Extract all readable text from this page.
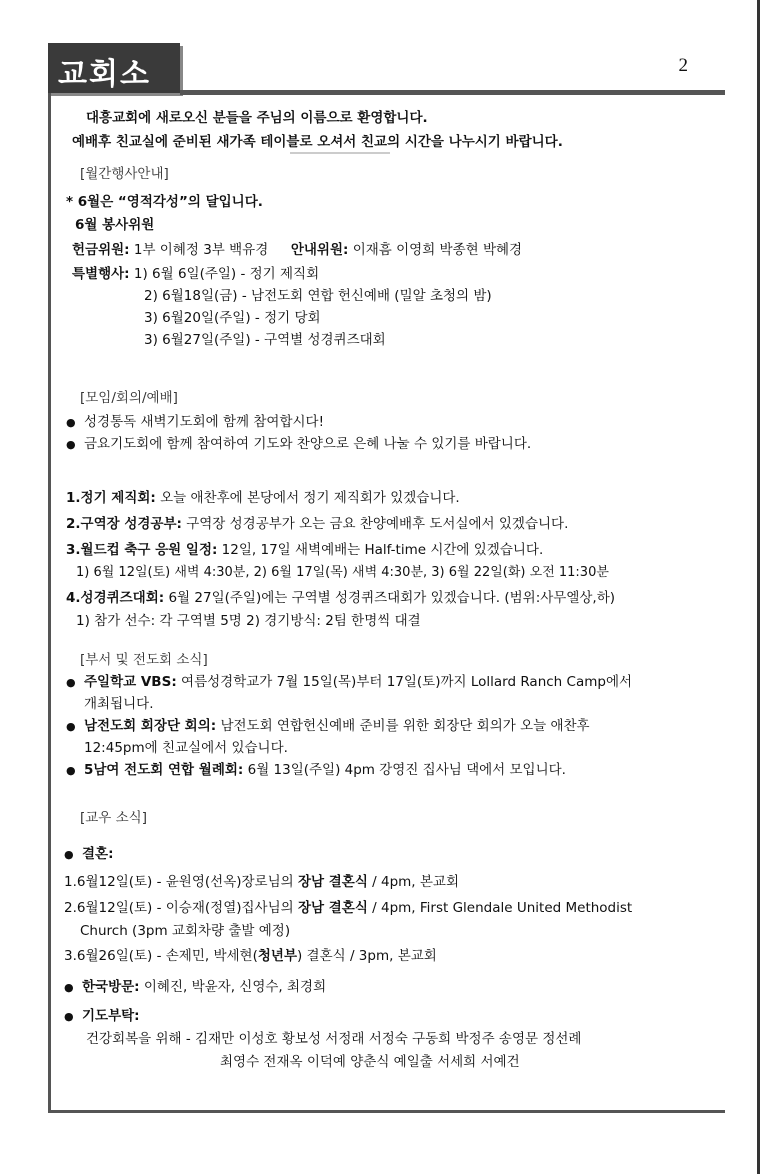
교회소식
2
대흥교회에 새로오신 분들을 주님의 이름으로 환영합니다.
예배후 친교실에 준비된 새가족 테이블로 오셔서 친교의 시간을 나누시기 바랍니다.
[월간행사안내]
* 6월은 “영적각성”의 달입니다.
6월 봉사위원
헌금위원: 1부 이혜정 3부 백유경 안내위원: 이재흠 이영희 박종현 박혜경
특별행사: 1) 6월 6일(주일) - 정기 제직회
2) 6월18일(금) - 남전도회 연합 헌신예배 (밀알 초청의 밤)
3) 6월20일(주일) - 정기 당회
3) 6월27일(주일) - 구역별 성경퀴즈대회
[모임/회의/예배]
● 성경통독 새벽기도회에 함께 참여합시다!
● 금요기도회에 함께 참여하여 기도와 찬양으로 은혜 나눌 수 있기를 바랍니다.
1.정기 제직회: 오늘 애찬후에 본당에서 정기 제직회가 있겠습니다.
2.구역장 성경공부: 구역장 성경공부가 오는 금요 찬양예배후 도서실에서 있겠습니다.
3.월드컵 축구 응원 일정: 12일, 17일 새벽예배는 Half-time 시간에 있겠습니다.
1) 6월 12일(토) 새벽 4:30분, 2) 6월 17일(목) 새벽 4:30분, 3) 6월 22일(화) 오전 11:30분
4.성경퀴즈대회: 6월 27일(주일)에는 구역별 성경퀴즈대회가 있겠습니다. (범위:사무엘상,하)
1) 참가 선수: 각 구역별 5명 2) 경기방식: 2팀 한명씩 대결
[부서 및 전도회 소식]
● 주일학교 VBS: 여름성경학교가 7월 15일(목)부터 17일(토)까지 Lollard Ranch Camp에서
개최됩니다.
● 남전도회 회장단 회의: 남전도회 연합헌신예배 준비를 위한 회장단 회의가 오늘 애찬후
12:45pm에 친교실에서 있습니다.
● 5남여 전도회 연합 월례회: 6월 13일(주일) 4pm 강영진 집사님 댁에서 모입니다.
[교우 소식]
● 결혼:
1.6월12일(토) - 윤원영(선옥)장로님의 장남 결혼식 / 4pm, 본교회
2.6월12일(토) - 이승재(정열)집사님의 장남 결혼식 / 4pm, First Glendale United Methodist
Church (3pm 교회차량 출발 예정)
3.6월26일(토) - 손제민, 박세현(청년부) 결혼식 / 3pm, 본교회
● 한국방문: 이혜진, 박윤자, 신영수, 최경희
● 기도부탁:
건강회복을 위해 - 김재만 이성호 황보성 서정래 서정숙 구동희 박정주 송영문 정선례
최영수 전재옥 이덕예 양춘식 예일출 서세희 서예건
